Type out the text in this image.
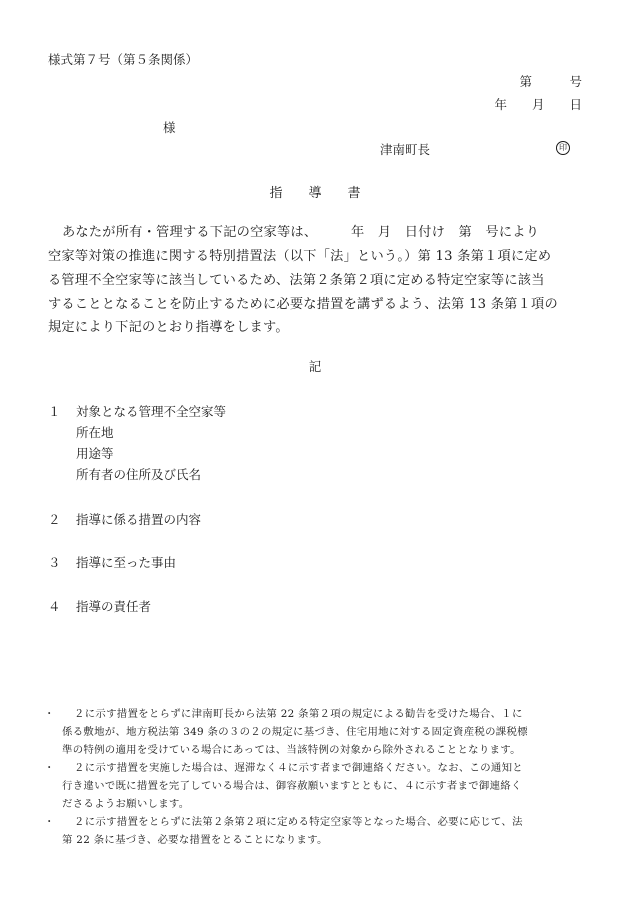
様式第７号（第５条関係）
第　　　号
年　　月　　日
様
津南町長	印
指　　導　　書
あなたが所有・管理する下記の空家等は、　　　年　月　日付け　第　号により
空家等対策の推進に関する特別措置法（以下「法」という。）第 13 条第１項に定め
る管理不全空家等に該当しているため、法第２条第２項に定める特定空家等に該当
することとなることを防止するために必要な措置を講ずるよう、法第 13 条第１項の
規定により下記のとおり指導をします。
記
１ 対象となる管理不全空家等
所在地
用途等
所有者の住所及び氏名
２ 指導に係る措置の内容
３ 指導に至った事由
４ 指導の責任者
・ ２に示す措置をとらずに津南町長から法第 22 条第２項の規定による勧告を受けた場合、１に
係る敷地が、地方税法第 349 条の３の２の規定に基づき、住宅用地に対する固定資産税の課税標
準の特例の適用を受けている場合にあっては、当該特例の対象から除外されることとなります。
・ ２に示す措置を実施した場合は、遅滞なく４に示す者まで御連絡ください。なお、この通知と
行き違いで既に措置を完了している場合は、御容赦願いますとともに、４に示す者まで御連絡く
ださるようお願いします。
・ ２に示す措置をとらずに法第２条第２項に定める特定空家等となった場合、必要に応じて、法
第 22 条に基づき、必要な措置をとることになります。
